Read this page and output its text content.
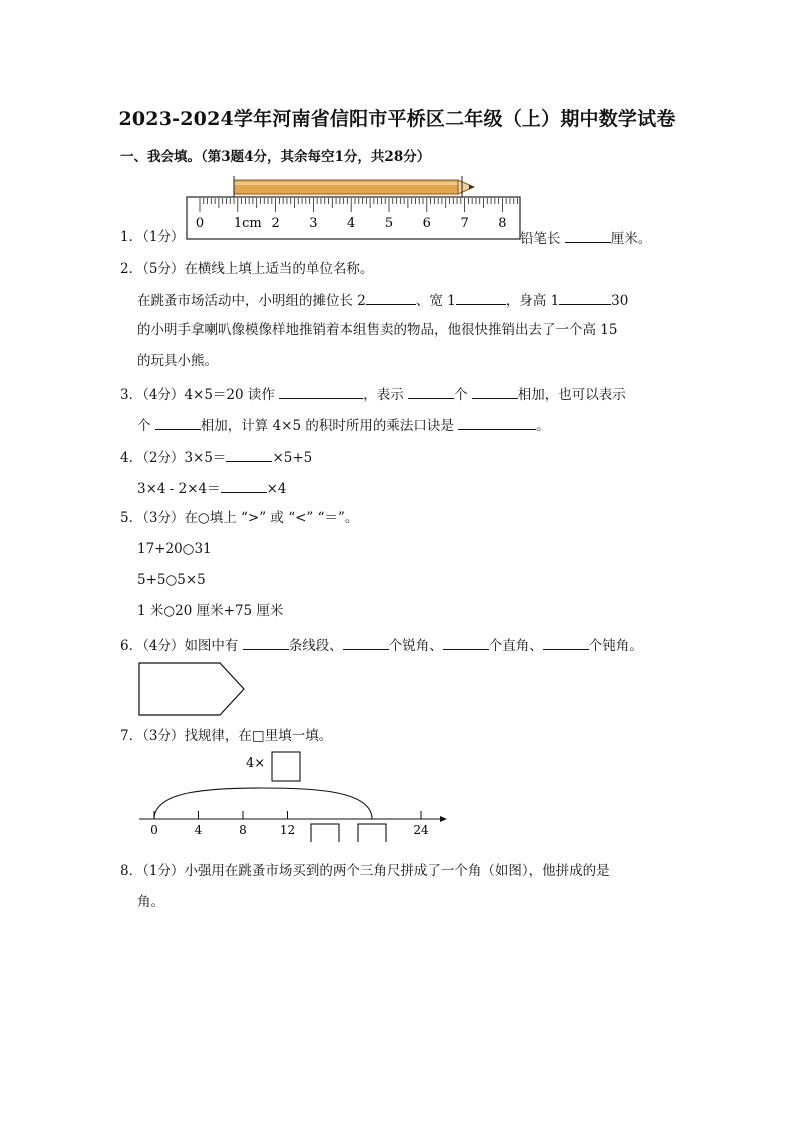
2023-2024学年河南省信阳市平桥区二年级（上）期中数学试卷
一、我会填。（第3题4分，其余每空1分，共28分）
0 1cm 2 3 4 5 6 7 8
1．（1分）	铅笔长	厘米。
2．（5分）在横线上填上适当的单位名称。
在跳蚤市场活动中，小明组的摊位长 2	、宽 1	，身高 1	30
的小明手拿喇叭像模像样地推销着本组售卖的物品，他很快推销出去了一个高 15
的玩具小熊。
3．（4分）4×5＝20 读作	，表示	个	相加，也可以表示
个	相加，计算 4×5 的积时所用的乘法口诀是	。
4．（2分）3×5＝	×5+5
3×4 - 2×4＝	×4
5．（3分）在○填上 “>” 或 “<” “＝”。
17+20○31
5+5○5×5
1 米○20 厘米+75 厘米
6．（4分）如图中有	条线段、	个锐角、	个直角、	个钝角。
7．（3分）找规律，在□里填一填。
4×
0	4	8	12	24
8．（1分）小强用在跳蚤市场买到的两个三角尺拼成了一个角（如图），他拼成的是
角。
